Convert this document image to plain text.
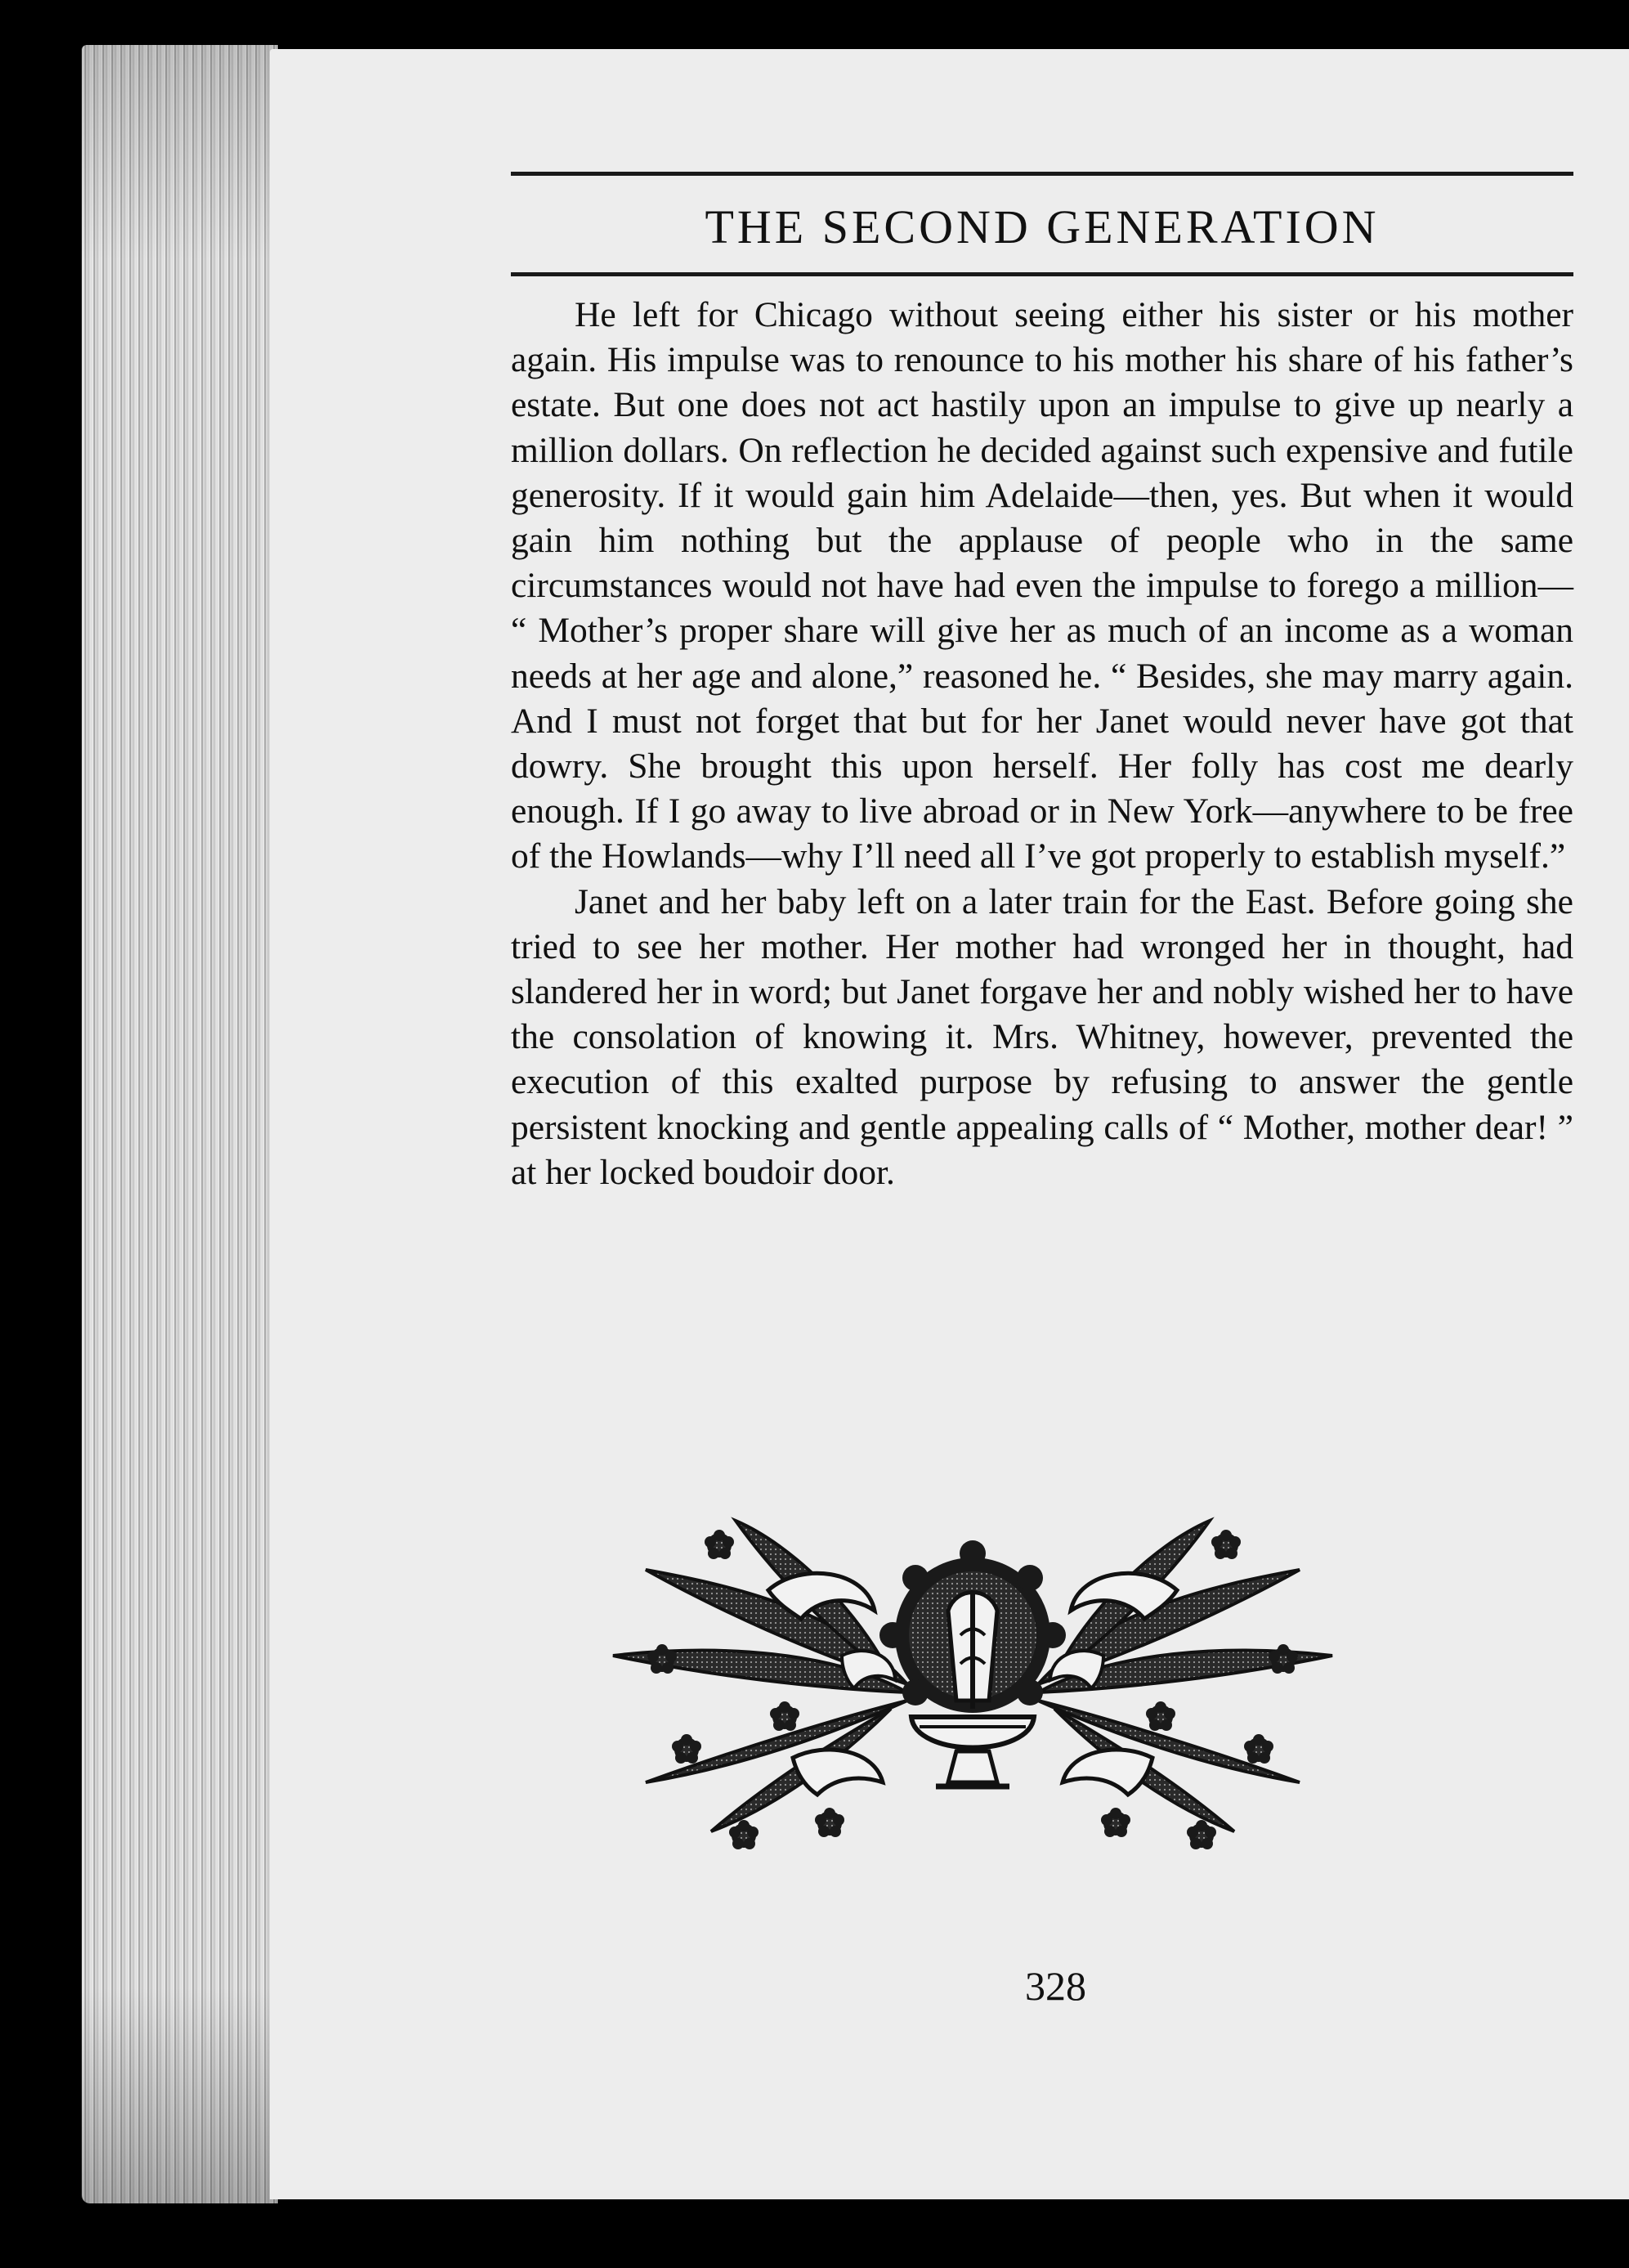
THE SECOND GENERATION

He left for Chicago without seeing either his sister or his mother again. His impulse was to renounce to his mother his share of his father’s estate. But one does not act hastily upon an impulse to give up nearly a million dollars. On reflection he decided against such expensive and futile generosity. If it would gain him Adelaide—then, yes. But when it would gain him nothing but the applause of people who in the same circumstances would not have had even the impulse to forego a million— “ Mother’s proper share will give her as much of an income as a woman needs at her age and alone,” reasoned he. “ Besides, she may marry again. And I must not forget that but for her Janet would never have got that dowry. She brought this upon herself. Her folly has cost me dearly enough. If I go away to live abroad or in New York—anywhere to be free of the Howlands—why I’ll need all I’ve got properly to establish myself.”

Janet and her baby left on a later train for the East. Before going she tried to see her mother. Her mother had wronged her in thought, had slandered her in word; but Janet forgave her and nobly wished her to have the consolation of knowing it. Mrs. Whitney, however, prevented the execution of this exalted purpose by refusing to answer the gentle persistent knocking and gentle appealing calls of “ Mother, mother dear! ” at her locked boudoir door.

328
